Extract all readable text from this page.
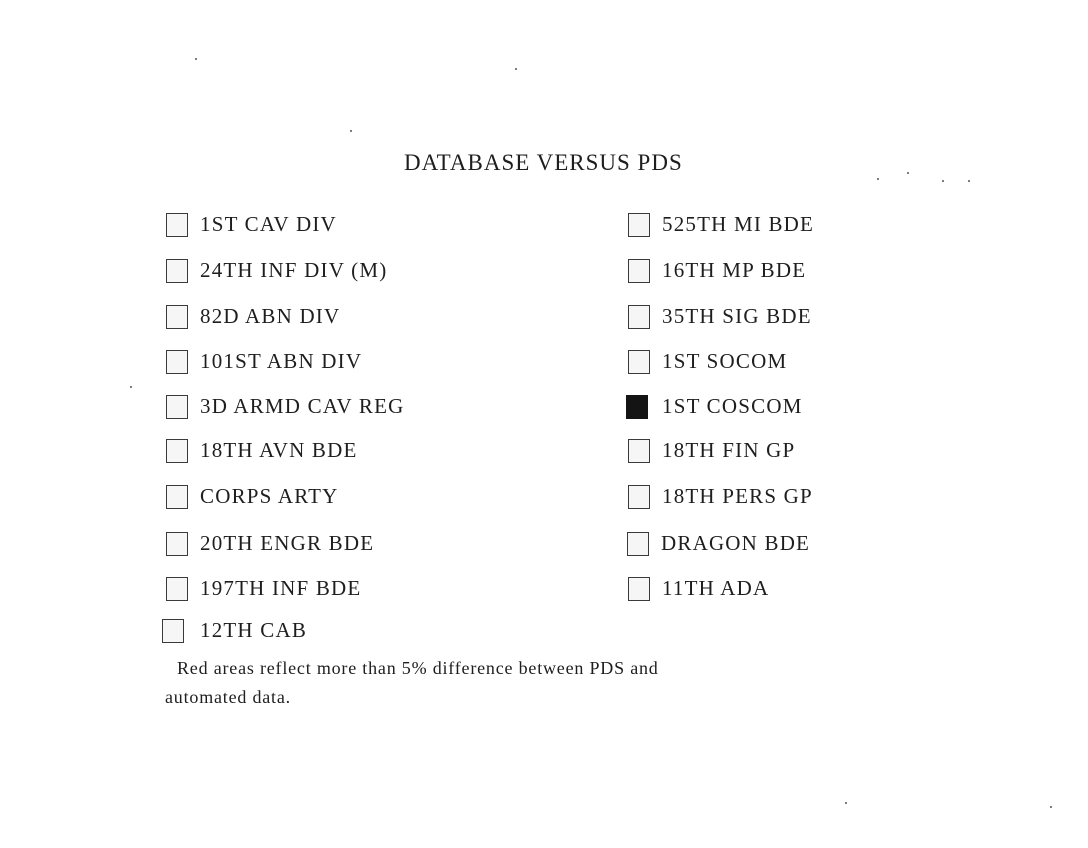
DATABASE VERSUS PDS
1ST CAV DIV
24TH INF DIV (M)
82D ABN DIV
101ST ABN DIV
3D ARMD CAV REG
18TH AVN BDE
CORPS ARTY
20TH ENGR BDE
197TH INF BDE
12TH CAB
525TH MI BDE
16TH MP BDE
35TH SIG BDE
1ST SOCOM
1ST COSCOM
18TH FIN GP
18TH PERS GP
DRAGON BDE
11TH ADA
Red areas reflect more than 5% difference between PDS and
automated data.
